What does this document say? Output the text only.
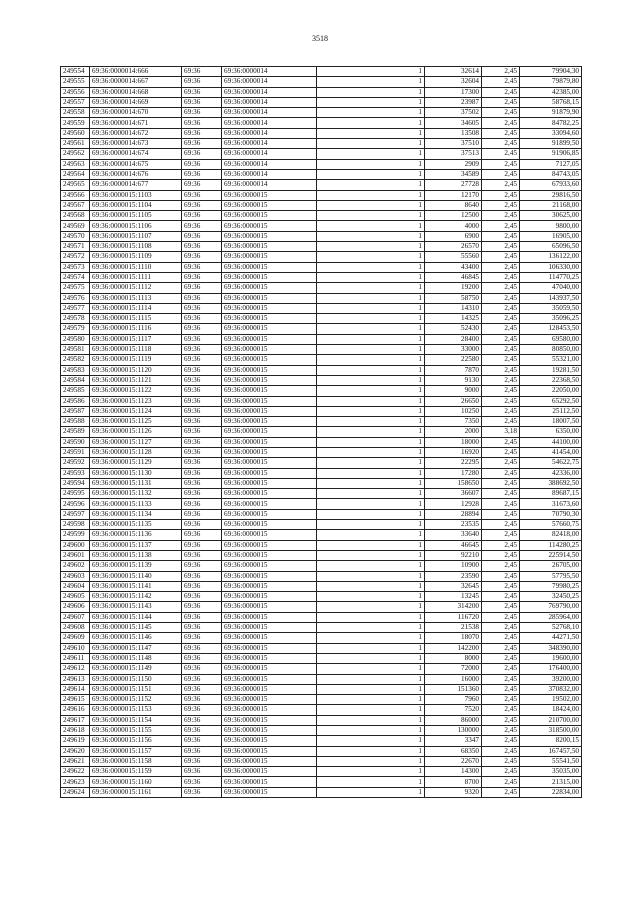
3518
249554	69:36:0000014:666	69:36	69:36:0000014	1	32614	2,45	79904,30
249555	69:36:0000014:667	69:36	69:36:0000014	1	32604	2,45	79879,80
249556	69:36:0000014:668	69:36	69:36:0000014	1	17300	2,45	42385,00
249557	69:36:0000014:669	69:36	69:36:0000014	1	23987	2,45	58768,15
249558	69:36:0000014:670	69:36	69:36:0000014	1	37502	2,45	91879,90
249559	69:36:0000014:671	69:36	69:36:0000014	1	34605	2,45	84782,25
249560	69:36:0000014:672	69:36	69:36:0000014	1	13508	2,45	33094,60
249561	69:36:0000014:673	69:36	69:36:0000014	1	37510	2,45	91899,50
249562	69:36:0000014:674	69:36	69:36:0000014	1	37513	2,45	91906,85
249563	69:36:0000014:675	69:36	69:36:0000014	1	2909	2,45	7127,05
249564	69:36:0000014:676	69:36	69:36:0000014	1	34589	2,45	84743,05
249565	69:36:0000014:677	69:36	69:36:0000014	1	27728	2,45	67933,60
249566	69:36:0000015:1103	69:36	69:36:0000015	1	12170	2,45	29816,50
249567	69:36:0000015:1104	69:36	69:36:0000015	1	8640	2,45	21168,00
249568	69:36:0000015:1105	69:36	69:36:0000015	1	12500	2,45	30625,00
249569	69:36:0000015:1106	69:36	69:36:0000015	1	4000	2,45	9800,00
249570	69:36:0000015:1107	69:36	69:36:0000015	1	6900	2,45	16905,00
249571	69:36:0000015:1108	69:36	69:36:0000015	1	26570	2,45	65096,50
249572	69:36:0000015:1109	69:36	69:36:0000015	1	55560	2,45	136122,00
249573	69:36:0000015:1110	69:36	69:36:0000015	1	43400	2,45	106330,00
249574	69:36:0000015:1111	69:36	69:36:0000015	1	46845	2,45	114770,25
249575	69:36:0000015:1112	69:36	69:36:0000015	1	19200	2,45	47040,00
249576	69:36:0000015:1113	69:36	69:36:0000015	1	58750	2,45	143937,50
249577	69:36:0000015:1114	69:36	69:36:0000015	1	14310	2,45	35059,50
249578	69:36:0000015:1115	69:36	69:36:0000015	1	14325	2,45	35096,25
249579	69:36:0000015:1116	69:36	69:36:0000015	1	52430	2,45	128453,50
249580	69:36:0000015:1117	69:36	69:36:0000015	1	28400	2,45	69580,00
249581	69:36:0000015:1118	69:36	69:36:0000015	1	33000	2,45	80850,00
249582	69:36:0000015:1119	69:36	69:36:0000015	1	22580	2,45	55321,00
249583	69:36:0000015:1120	69:36	69:36:0000015	1	7870	2,45	19281,50
249584	69:36:0000015:1121	69:36	69:36:0000015	1	9130	2,45	22368,50
249585	69:36:0000015:1122	69:36	69:36:0000015	1	9000	2,45	22050,00
249586	69:36:0000015:1123	69:36	69:36:0000015	1	26650	2,45	65292,50
249587	69:36:0000015:1124	69:36	69:36:0000015	1	10250	2,45	25112,50
249588	69:36:0000015:1125	69:36	69:36:0000015	1	7350	2,45	18007,50
249589	69:36:0000015:1126	69:36	69:36:0000015	1	2000	3,18	6350,00
249590	69:36:0000015:1127	69:36	69:36:0000015	1	18000	2,45	44100,00
249591	69:36:0000015:1128	69:36	69:36:0000015	1	16920	2,45	41454,00
249592	69:36:0000015:1129	69:36	69:36:0000015	1	22295	2,45	54622,75
249593	69:36:0000015:1130	69:36	69:36:0000015	1	17280	2,45	42336,00
249594	69:36:0000015:1131	69:36	69:36:0000015	1	158650	2,45	388692,50
249595	69:36:0000015:1132	69:36	69:36:0000015	1	36607	2,45	89687,15
249596	69:36:0000015:1133	69:36	69:36:0000015	1	12928	2,45	31673,60
249597	69:36:0000015:1134	69:36	69:36:0000015	1	28894	2,45	70790,30
249598	69:36:0000015:1135	69:36	69:36:0000015	1	23535	2,45	57660,75
249599	69:36:0000015:1136	69:36	69:36:0000015	1	33640	2,45	82418,00
249600	69:36:0000015:1137	69:36	69:36:0000015	1	46645	2,45	114280,25
249601	69:36:0000015:1138	69:36	69:36:0000015	1	92210	2,45	225914,50
249602	69:36:0000015:1139	69:36	69:36:0000015	1	10900	2,45	26705,00
249603	69:36:0000015:1140	69:36	69:36:0000015	1	23590	2,45	57795,50
249604	69:36:0000015:1141	69:36	69:36:0000015	1	32645	2,45	79980,25
249605	69:36:0000015:1142	69:36	69:36:0000015	1	13245	2,45	32450,25
249606	69:36:0000015:1143	69:36	69:36:0000015	1	314200	2,45	769790,00
249607	69:36:0000015:1144	69:36	69:36:0000015	1	116720	2,45	285964,00
249608	69:36:0000015:1145	69:36	69:36:0000015	1	21538	2,45	52768,10
249609	69:36:0000015:1146	69:36	69:36:0000015	1	18070	2,45	44271,50
249610	69:36:0000015:1147	69:36	69:36:0000015	1	142200	2,45	348390,00
249611	69:36:0000015:1148	69:36	69:36:0000015	1	8000	2,45	19600,00
249612	69:36:0000015:1149	69:36	69:36:0000015	1	72000	2,45	176400,00
249613	69:36:0000015:1150	69:36	69:36:0000015	1	16000	2,45	39200,00
249614	69:36:0000015:1151	69:36	69:36:0000015	1	151360	2,45	370832,00
249615	69:36:0000015:1152	69:36	69:36:0000015	1	7960	2,45	19502,00
249616	69:36:0000015:1153	69:36	69:36:0000015	1	7520	2,45	18424,00
249617	69:36:0000015:1154	69:36	69:36:0000015	1	86000	2,45	210700,00
249618	69:36:0000015:1155	69:36	69:36:0000015	1	130000	2,45	318500,00
249619	69:36:0000015:1156	69:36	69:36:0000015	1	3347	2,45	8200,15
249620	69:36:0000015:1157	69:36	69:36:0000015	1	68350	2,45	167457,50
249621	69:36:0000015:1158	69:36	69:36:0000015	1	22670	2,45	55541,50
249622	69:36:0000015:1159	69:36	69:36:0000015	1	14300	2,45	35035,00
249623	69:36:0000015:1160	69:36	69:36:0000015	1	8700	2,45	21315,00
249624	69:36:0000015:1161	69:36	69:36:0000015	1	9320	2,45	22834,00
